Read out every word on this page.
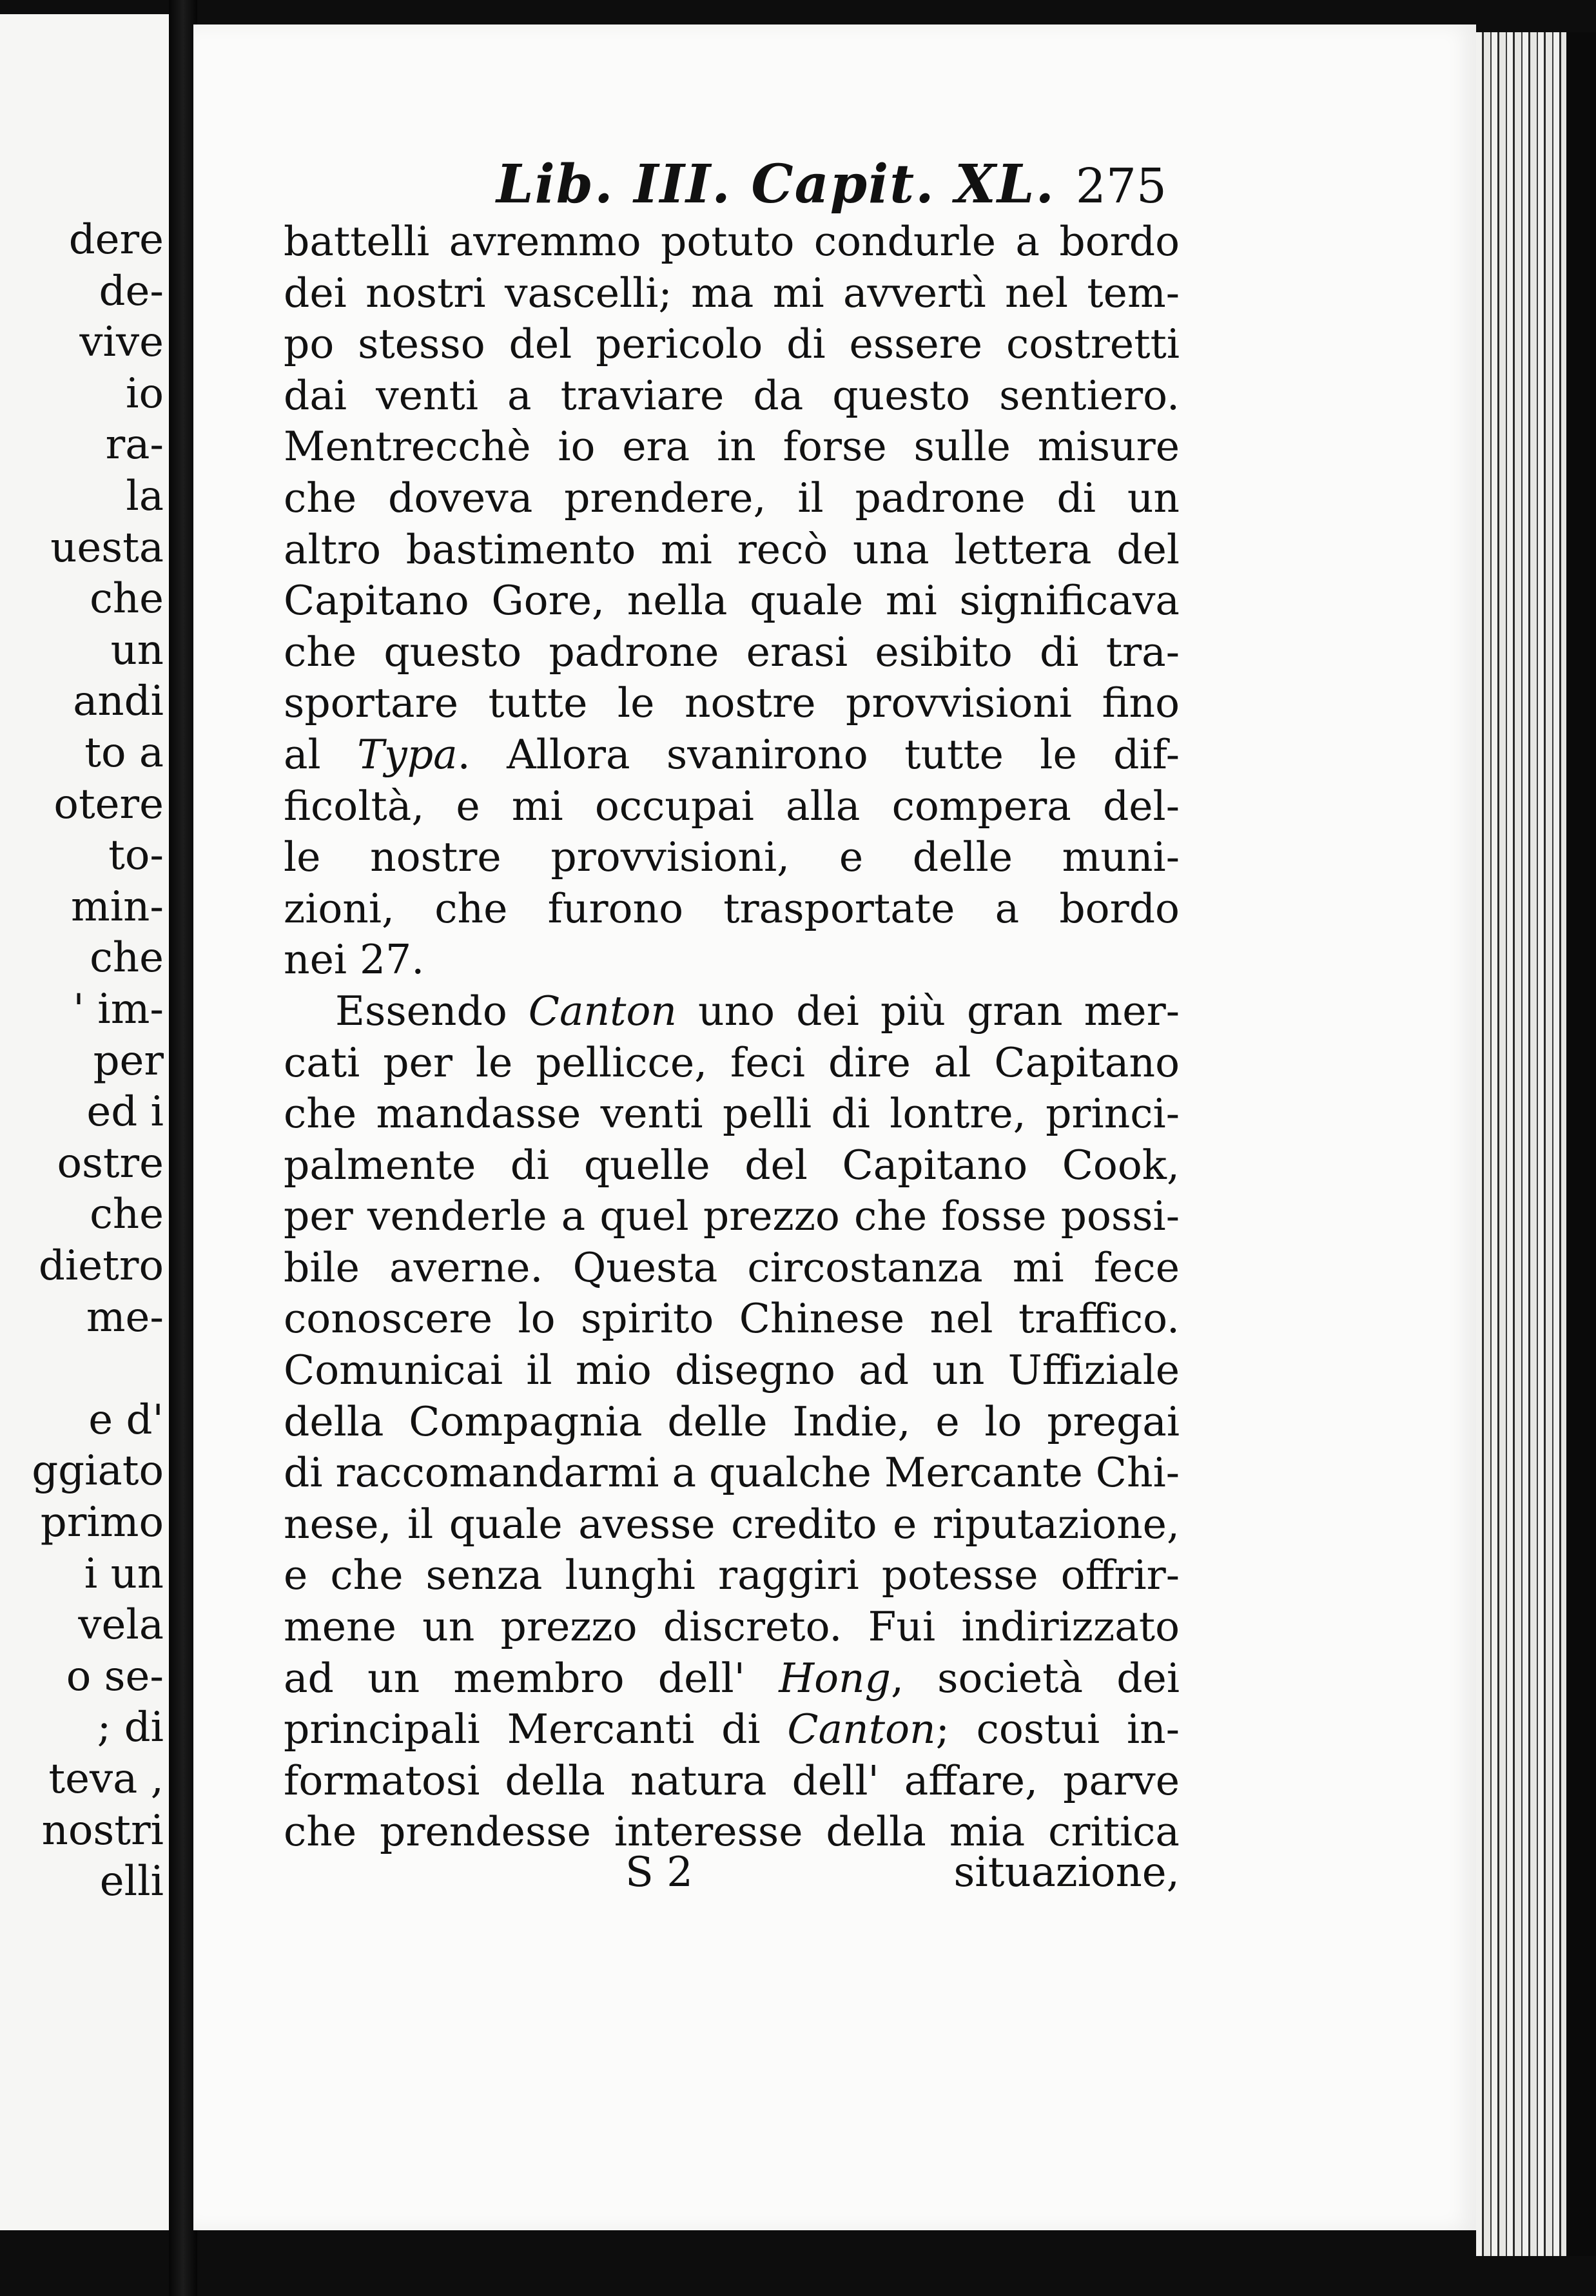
dere
de-
vive
io
ra-
la
uesta
che
un
andi
to a
otere
to-
min-
che
' im-
per
ed i
ostre
che
dietro
me-
e d'
ggiato
primo
i un
vela
o se-
; di
teva ,
nostri
elli
Lib. III. Capit. XL. 275
battelli avremmo potuto condurle a bordo
dei nostri vascelli; ma mi avvertì nel tem-
po stesso del pericolo di essere costretti
dai venti a traviare da questo sentiero.
Mentrecchè io era in forse sulle misure
che doveva prendere, il padrone di un
altro bastimento mi recò una lettera del
Capitano Gore, nella quale mi significava
che questo padrone erasi esibito di tra-
sportare tutte le nostre provvisioni fino
al Typa. Allora svanirono tutte le dif-
ficoltà, e mi occupai alla compera del-
le nostre provvisioni, e delle muni-
zioni, che furono trasportate a bordo
nei 27.
Essendo Canton uno dei più gran mer-
cati per le pellicce, feci dire al Capitano
che mandasse venti pelli di lontre, princi-
palmente di quelle del Capitano Cook,
per venderle a quel prezzo che fosse possi-
bile averne. Questa circostanza mi fece
conoscere lo spirito Chinese nel traffico.
Comunicai il mio disegno ad un Uffiziale
della Compagnia delle Indie, e lo pregai
di raccomandarmi a qualche Mercante Chi-
nese, il quale avesse credito e riputazione,
e che senza lunghi raggiri potesse offrir-
mene un prezzo discreto. Fui indirizzato
ad un membro dell' Hong, società dei
principali Mercanti di Canton; costui in-
formatosi della natura dell' affare, parve
che prendesse interesse della mia critica
S 2	situazione,
